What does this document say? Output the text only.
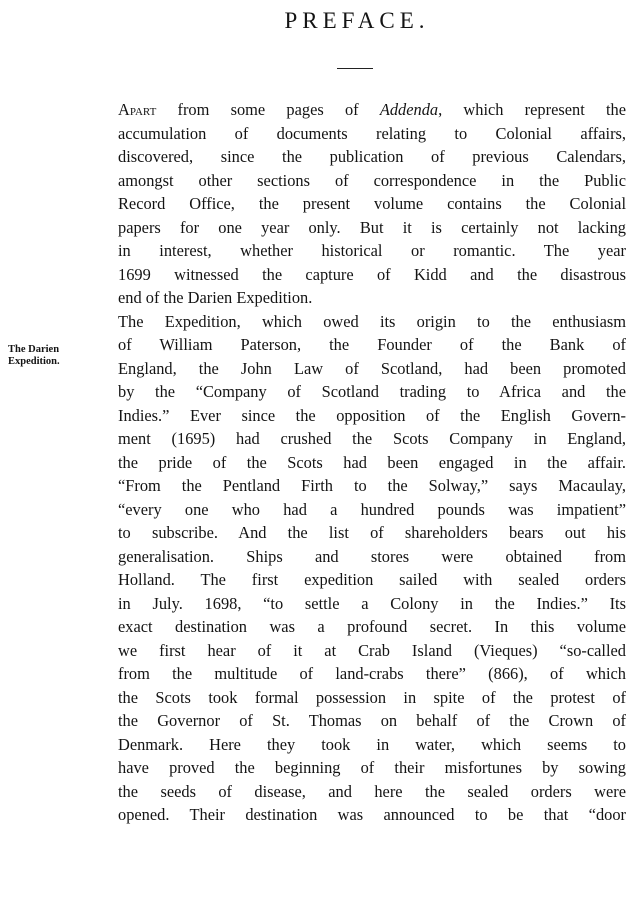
PREFACE.
The Darien
Expedition.

Apart from some pages of Addenda, which represent the
accumulation of documents relating to Colonial affairs,
discovered, since the publication of previous Calendars,
amongst other sections of correspondence in the Public
Record Office, the present volume contains the Colonial
papers for one year only. But it is certainly not lacking
in interest, whether historical or romantic. The year
1699 witnessed the capture of Kidd and the disastrous
end of the Darien Expedition.

The Expedition, which owed its origin to the enthusiasm
of William Paterson, the Founder of the Bank of
England, the John Law of Scotland, had been promoted
by the “Company of Scotland trading to Africa and the
Indies.” Ever since the opposition of the English Govern-
ment (1695) had crushed the Scots Company in England,
the pride of the Scots had been engaged in the affair.
“From the Pentland Firth to the Solway,” says Macaulay,
“every one who had a hundred pounds was impatient”
to subscribe. And the list of shareholders bears out his
generalisation. Ships and stores were obtained from
Holland. The first expedition sailed with sealed orders
in July. 1698, “to settle a Colony in the Indies.” Its
exact destination was a profound secret. In this volume
we first hear of it at Crab Island (Vieques) “so-called
from the multitude of land-crabs there” (866), of which
the Scots took formal possession in spite of the protest of
the Governor of St. Thomas on behalf of the Crown of
Denmark. Here they took in water, which seems to
have proved the beginning of their misfortunes by sowing
the seeds of disease, and here the sealed orders were
opened. Their destination was announced to be that “door
